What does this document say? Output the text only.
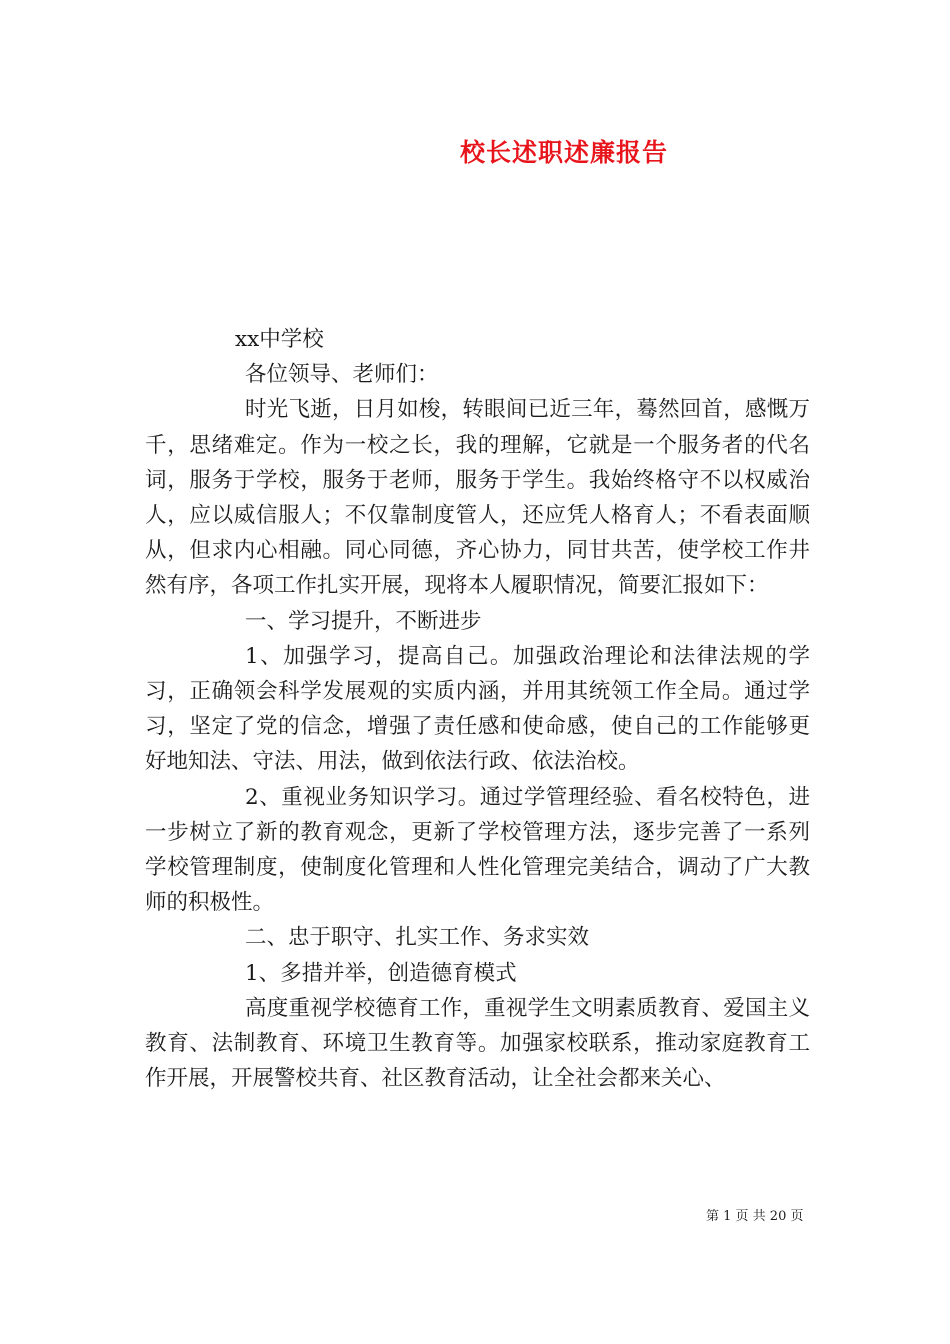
校长述职述廉报告

xx中学校

各位领导、老师们：

时光飞逝，日月如梭，转眼间已近三年，蓦然回首，感慨万千，思绪难定。作为一校之长，我的理解，它就是一个服务者的代名词，服务于学校，服务于老师，服务于学生。我始终格守不以权威治人，应以威信服人；不仅靠制度管人，还应凭人格育人；不看表面顺从，但求内心相融。同心同德，齐心协力，同甘共苦，使学校工作井然有序，各项工作扎实开展，现将本人履职情况，简要汇报如下：

一、学习提升，不断进步

1、加强学习，提高自己。加强政治理论和法律法规的学习，正确领会科学发展观的实质内涵，并用其统领工作全局。通过学习，坚定了党的信念，增强了责任感和使命感，使自己的工作能够更好地知法、守法、用法，做到依法行政、依法治校。

2、重视业务知识学习。通过学管理经验、看名校特色，进一步树立了新的教育观念，更新了学校管理方法，逐步完善了一系列学校管理制度，使制度化管理和人性化管理完美结合，调动了广大教师的积极性。

二、忠于职守、扎实工作、务求实效

1、多措并举，创造德育模式

高度重视学校德育工作，重视学生文明素质教育、爱国主义教育、法制教育、环境卫生教育等。加强家校联系，推动家庭教育工作开展，开展警校共育、社区教育活动，让全社会都来关心、

第 1 页 共 20 页
